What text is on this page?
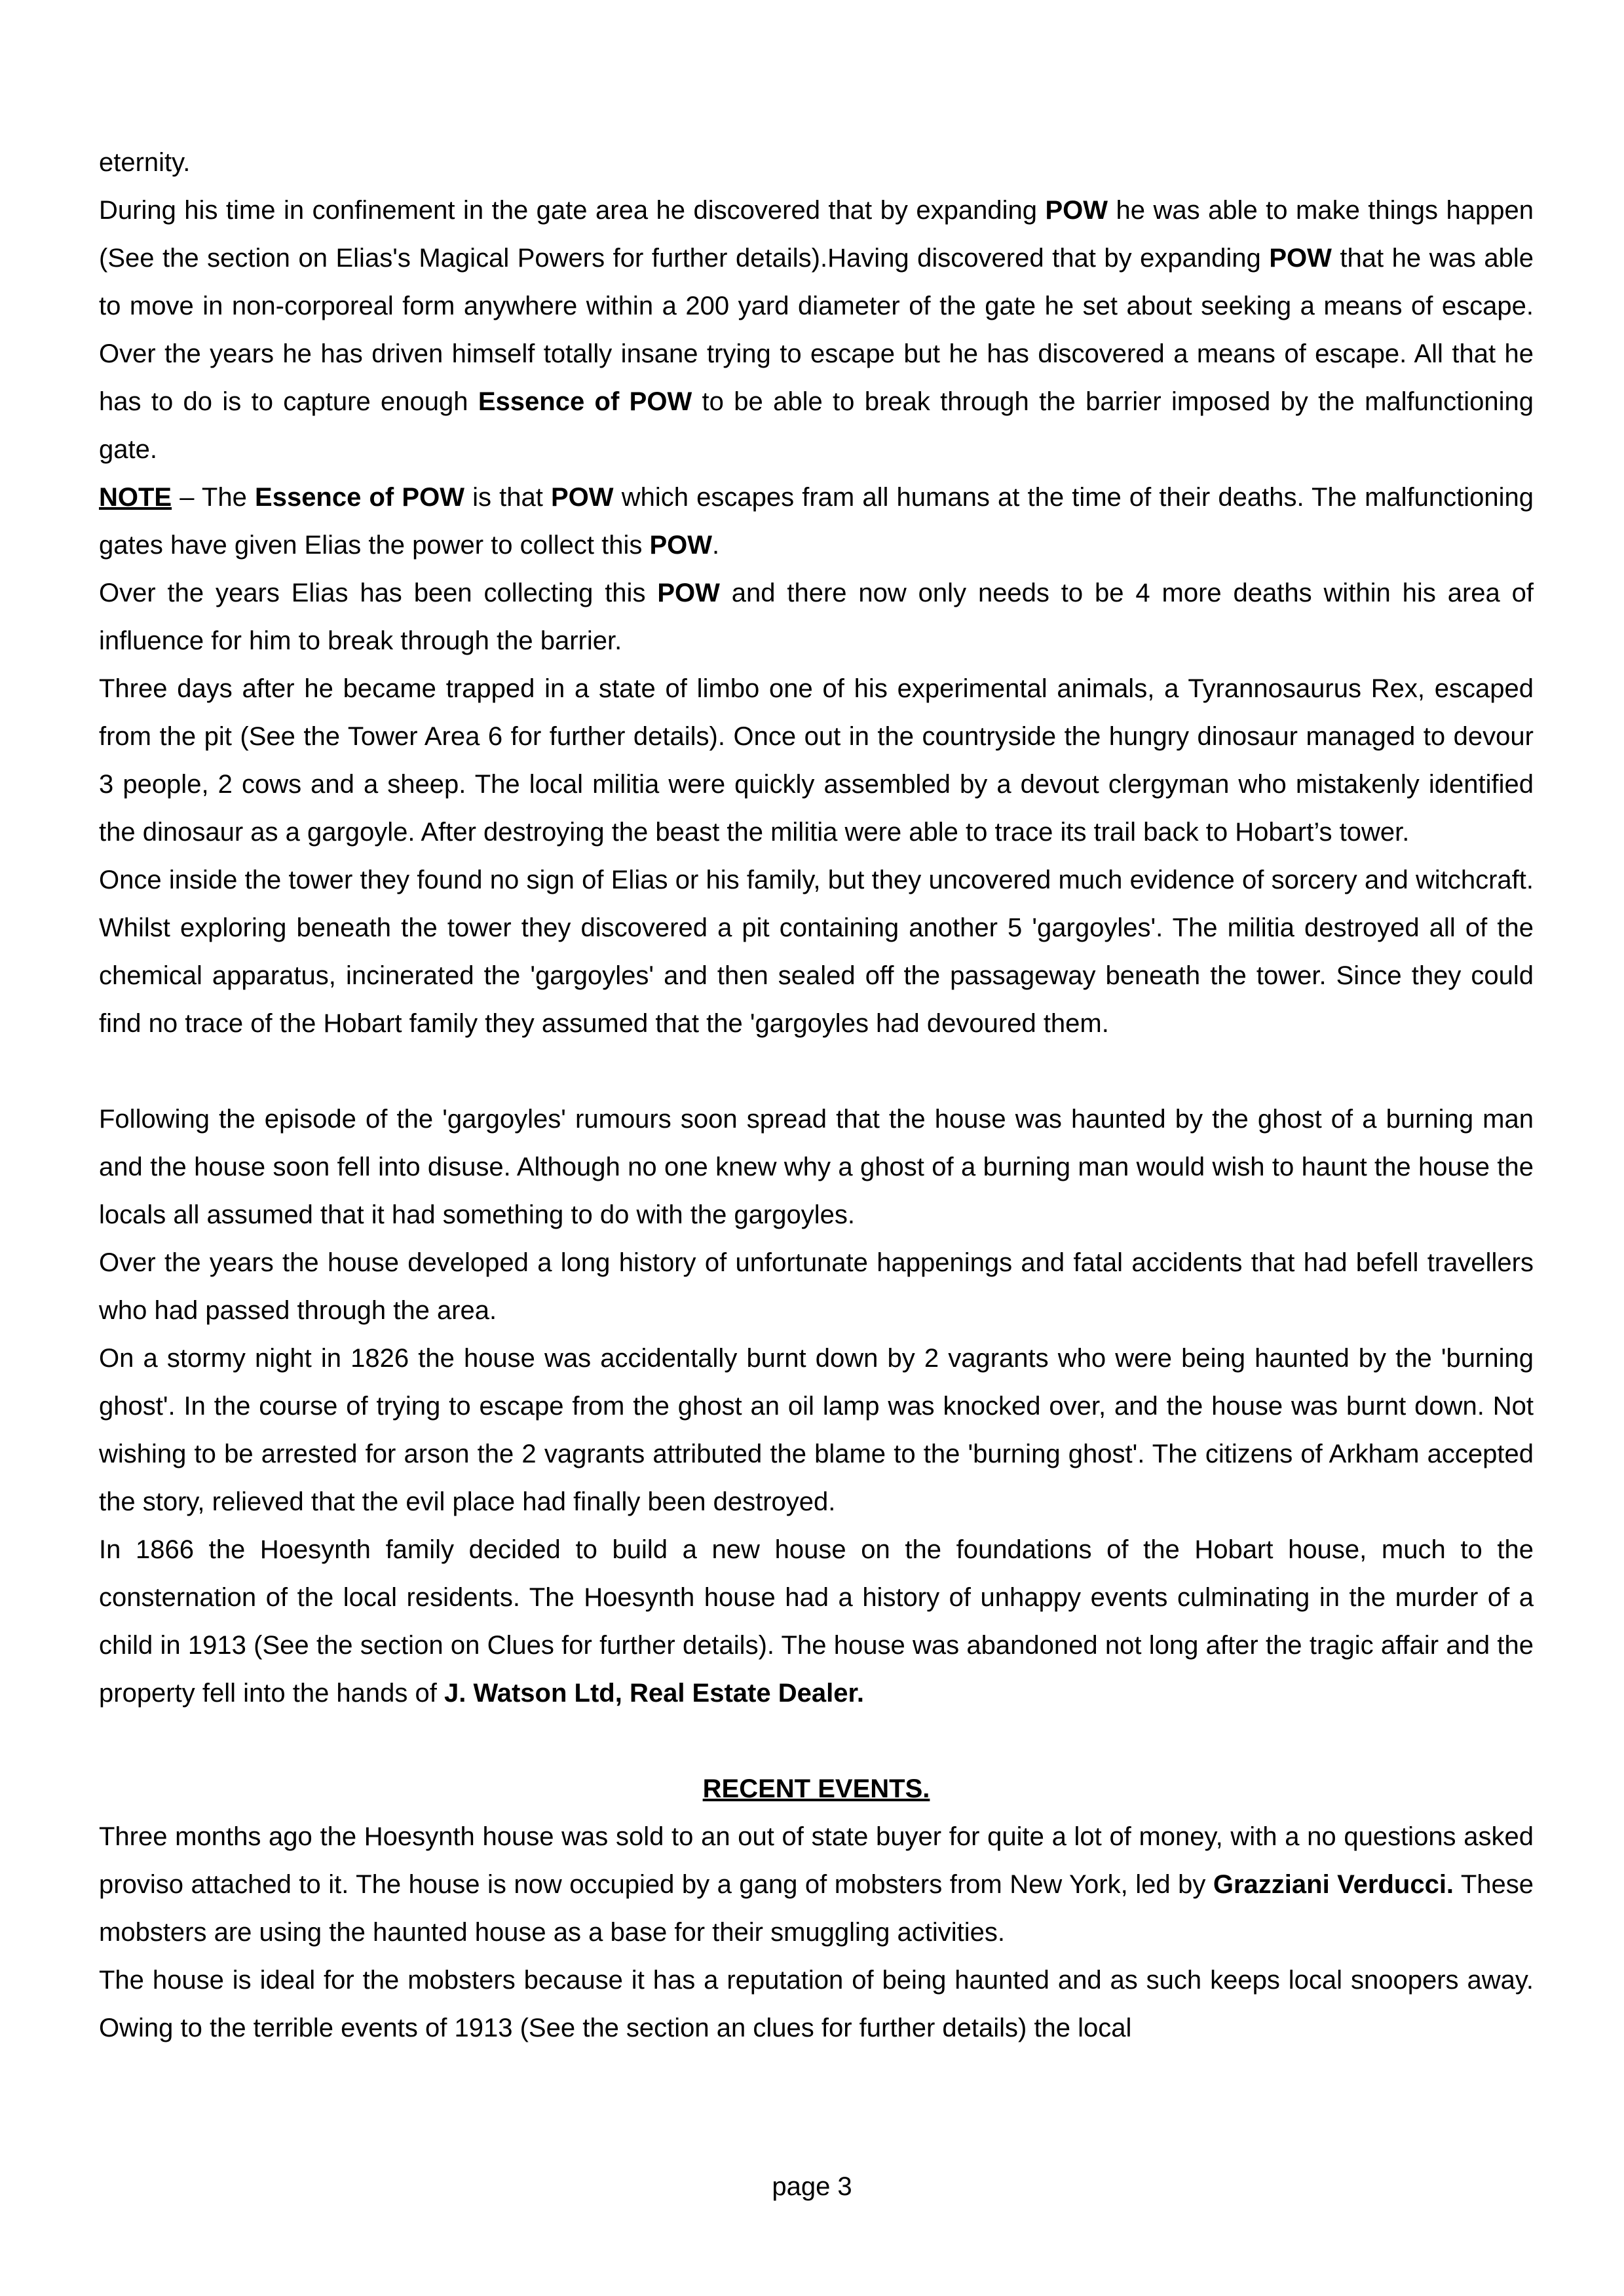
eternity.

During his time in confinement in the gate area he discovered that by expanding POW he was able to make things happen (See the section on Elias's Magical Powers for further details).Having discovered that by expanding POW that he was able to move in non-corporeal form anywhere within a 200 yard diameter of the gate he set about seeking a means of escape. Over the years he has driven himself totally insane trying to escape but he has discovered a means of escape. All that he has to do is to capture enough Essence of POW to be able to break through the barrier imposed by the malfunctioning gate.

NOTE – The Essence of POW is that POW which escapes fram all humans at the time of their deaths. The malfunctioning gates have given Elias the power to collect this POW.

Over the years Elias has been collecting this POW and there now only needs to be 4 more deaths within his area of influence for him to break through the barrier.

Three days after he became trapped in a state of limbo one of his experimental animals, a Tyrannosaurus Rex, escaped from the pit (See the Tower Area 6 for further details). Once out in the countryside the hungry dinosaur managed to devour 3 people, 2 cows and a sheep. The local militia were quickly assembled by a devout clergyman who mistakenly identified the dinosaur as a gargoyle. After destroying the beast the militia were able to trace its trail back to Hobart’s tower.

Once inside the tower they found no sign of Elias or his family, but they uncovered much evidence of sorcery and witchcraft. Whilst exploring beneath the tower they discovered a pit containing another 5 'gargoyles'. The militia destroyed all of the chemical apparatus, incinerated the 'gargoyles' and then sealed off the passageway beneath the tower. Since they could find no trace of the Hobart family they assumed that the 'gargoyles had devoured them.

Following the episode of the 'gargoyles' rumours soon spread that the house was haunted by the ghost of a burning man and the house soon fell into disuse. Although no one knew why a ghost of a burning man would wish to haunt the house the locals all assumed that it had something to do with the gargoyles.

Over the years the house developed a long history of unfortunate happenings and fatal accidents that had befell travellers who had passed through the area.

On a stormy night in 1826 the house was accidentally burnt down by 2 vagrants who were being haunted by the 'burning ghost'. In the course of trying to escape from the ghost an oil lamp was knocked over, and the house was burnt down. Not wishing to be arrested for arson the 2 vagrants attributed the blame to the 'burning ghost'. The citizens of Arkham accepted the story, relieved that the evil place had finally been destroyed.

In 1866 the Hoesynth family decided to build a new house on the foundations of the Hobart house, much to the consternation of the local residents. The Hoesynth house had a history of unhappy events culminating in the murder of a child in 1913 (See the section on Clues for further details). The house was abandoned not long after the tragic affair and the property fell into the hands of J. Watson Ltd, Real Estate Dealer.

RECENT EVENTS.

Three months ago the Hoesynth house was sold to an out of state buyer for quite a lot of money, with a no questions asked proviso attached to it. The house is now occupied by a gang of mobsters from New York, led by Grazziani Verducci. These mobsters are using the haunted house as a base for their smuggling activities.

The house is ideal for the mobsters because it has a reputation of being haunted and as such keeps local snoopers away. Owing to the terrible events of 1913 (See the section an clues for further details) the local

page 3
